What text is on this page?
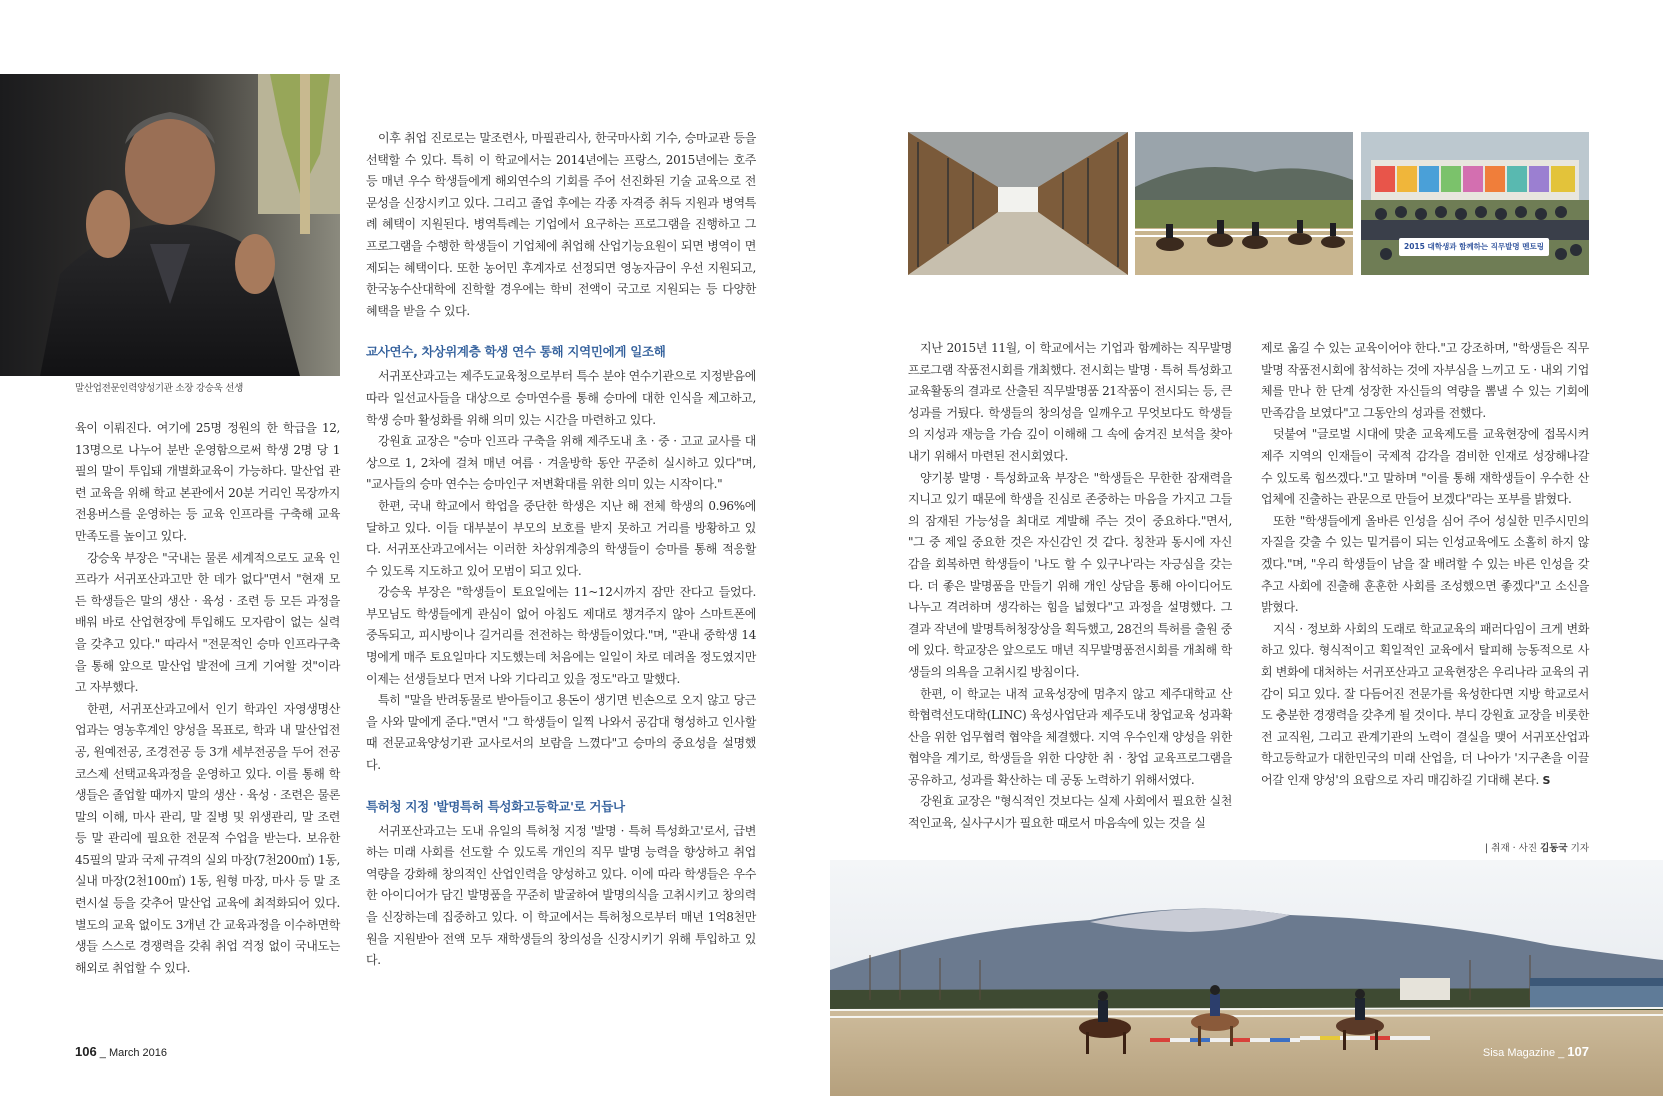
말산업전문인력양성기관 소장 강승욱 선생

육이 이뤄진다. 여기에 25명 정원의 한 학급을 12, 13명으로 나누어 분반 운영함으로써 학생 2명 당 1필의 말이 투입돼 개별화교육이 가능하다. 말산업 관련 교육을 위해 학교 본관에서 20분 거리인 목장까지 전용버스를 운영하는 등 교육 인프라를 구축해 교육 만족도를 높이고 있다.

강승욱 부장은 "국내는 물론 세계적으로도 교육 인프라가 서귀포산과고만 한 데가 없다"면서 "현재 모든 학생들은 말의 생산 · 육성 · 조련 등 모든 과정을 배워 바로 산업현장에 투입해도 모자람이 없는 실력을 갖추고 있다." 따라서 "전문적인 승마 인프라구축을 통해 앞으로 말산업 발전에 크게 기여할 것"이라고 자부했다.

한편, 서귀포산과고에서 인기 학과인 자영생명산업과는 영농후계인 양성을 목표로, 학과 내 말산업전공, 원예전공, 조경전공 등 3개 세부전공을 두어 전공 코스제 선택교육과정을 운영하고 있다. 이를 통해 학생들은 졸업할 때까지 말의 생산 · 육성 · 조련은 물론 말의 이해, 마사 관리, 말 질병 및 위생관리, 말 조련 등 말 관리에 필요한 전문적 수업을 받는다. 보유한 45필의 말과 국제 규격의 실외 마장(7천200㎡) 1동, 실내 마장(2천100㎡) 1동, 원형 마장, 마사 등 말 조련시설 등을 갖추어 말산업 교육에 최적화되어 있다. 별도의 교육 없이도 3개년 간 교육과정을 이수하면학생들 스스로 경쟁력을 갖춰 취업 걱정 없이 국내도는 해외로 취업할 수 있다.

이후 취업 진로로는 말조련사, 마필관리사, 한국마사회 기수, 승마교관 등을 선택할 수 있다. 특히 이 학교에서는 2014년에는 프랑스, 2015년에는 호주 등 매년 우수 학생들에게 해외연수의 기회를 주어 선진화된 기술 교육으로 전문성을 신장시키고 있다. 그리고 졸업 후에는 각종 자격증 취득 지원과 병역특례 혜택이 지원된다. 병역특례는 기업에서 요구하는 프로그램을 진행하고 그 프로그램을 수행한 학생들이 기업체에 취업해 산업기능요원이 되면 병역이 면제되는 혜택이다. 또한 농어민 후계자로 선정되면 영농자금이 우선 지원되고, 한국농수산대학에 진학할 경우에는 학비 전액이 국고로 지원되는 등 다양한 혜택을 받을 수 있다.

교사연수, 차상위계층 학생 연수 통해 지역민에게 일조해

서귀포산과고는 제주도교육청으로부터 특수 분야 연수기관으로 지정받음에 따라 일선교사들을 대상으로 승마연수를 통해 승마에 대한 인식을 제고하고, 학생 승마 활성화를 위해 의미 있는 시간을 마련하고 있다.

강원효 교장은 "승마 인프라 구축을 위해 제주도내 초 · 중 · 고교 교사를 대상으로 1, 2차에 걸쳐 매년 여름 · 겨울방학 동안 꾸준히 실시하고 있다"며, "교사들의 승마 연수는 승마인구 저변확대를 위한 의미 있는 시작이다."

한편, 국내 학교에서 학업을 중단한 학생은 지난 해 전체 학생의 0.96%에 달하고 있다. 이들 대부분이 부모의 보호를 받지 못하고 거리를 방황하고 있다. 서귀포산과고에서는 이러한 차상위계층의 학생들이 승마를 통해 적응할 수 있도록 지도하고 있어 모범이 되고 있다.

강승욱 부장은 "학생들이 토요일에는 11~12시까지 잠만 잔다고 들었다. 부모님도 학생들에게 관심이 없어 아침도 제대로 챙겨주지 않아 스마트폰에 중독되고, 피시방이나 길거리를 전전하는 학생들이었다."며, "관내 중학생 14명에게 매주 토요일마다 지도했는데 처음에는 일일이 차로 데려올 정도였지만 이제는 선생들보다 먼저 나와 기다리고 있을 정도"라고 말했다.

특히 "말을 반려동물로 받아들이고 용돈이 생기면 빈손으로 오지 않고 당근을 사와 말에게 준다."면서 "그 학생들이 일찍 나와서 공감대 형성하고 인사할 때 전문교육양성기관 교사로서의 보람을 느꼈다"고 승마의 중요성을 설명했다.

특허청 지정 '발명특허 특성화고등학교'로 거듭나

서귀포산과고는 도내 유일의 특허청 지정 '발명 · 특허 특성화고'로서, 급변하는 미래 사회를 선도할 수 있도록 개인의 직무 발명 능력을 향상하고 취업 역량을 강화해 창의적인 산업인력을 양성하고 있다. 이에 따라 학생들은 우수한 아이디어가 담긴 발명품을 꾸준히 발굴하여 발명의식을 고취시키고 창의력을 신장하는데 집중하고 있다. 이 학교에서는 특허청으로부터 매년 1억8천만 원을 지원받아 전액 모두 재학생들의 창의성을 신장시키기 위해 투입하고 있다.

106 _ March 2016
2015 대학생과 함께하는 직무발명 멘토링

지난 2015년 11월, 이 학교에서는 기업과 함께하는 직무발명 프로그램 작품전시회를 개최했다. 전시회는 발명 · 특허 특성화고 교육활동의 결과로 산출된 직무발명품 21작품이 전시되는 등, 큰 성과를 거뒀다. 학생들의 창의성을 일깨우고 무엇보다도 학생들의 지성과 재능을 가슴 깊이 이해해 그 속에 숨겨진 보석을 찾아내기 위해서 마련된 전시회였다.

양기봉 발명 · 특성화교육 부장은 "학생들은 무한한 잠재력을 지니고 있기 때문에 학생을 진심로 존중하는 마음을 가지고 그들의 잠재된 가능성을 최대로 계발해 주는 것이 중요하다."면서, "그 중 제일 중요한 것은 자신감인 것 같다. 칭찬과 동시에 자신감을 회복하면 학생들이 '나도 할 수 있구나'라는 자긍심을 갖는다. 더 좋은 발명품을 만들기 위해 개인 상담을 통해 아이디어도 나누고 격려하며 생각하는 힘을 넓혔다"고 과정을 설명했다. 그 결과 작년에 발명특허청장상을 획득했고, 28건의 특허를 출원 중에 있다. 학교장은 앞으로도 매년 직무발명품전시회를 개최해 학생들의 의욕을 고취시킬 방침이다.

한편, 이 학교는 내적 교육성장에 멈추지 않고 제주대학교 산학협력선도대학(LINC) 육성사업단과 제주도내 창업교육 성과확산을 위한 업무협력 협약을 체결했다. 지역 우수인재 양성을 위한 협약을 계기로, 학생들을 위한 다양한 취 · 창업 교육프로그램을 공유하고, 성과를 확산하는 데 공동 노력하기 위해서였다.

강원효 교장은 "형식적인 것보다는 실제 사회에서 필요한 실천적인교육, 실사구시가 필요한 때로서 마음속에 있는 것을 실

제로 옮길 수 있는 교육이어야 한다."고 강조하며, "학생들은 직무발명 작품전시회에 참석하는 것에 자부심을 느끼고 도 · 내외 기업체를 만나 한 단계 성장한 자신들의 역량을 뽐낼 수 있는 기회에 만족감을 보였다"고 그동안의 성과를 전했다.

덧붙여 "글로벌 시대에 맞춘 교육제도를 교육현장에 접목시켜 제주 지역의 인재들이 국제적 감각을 겸비한 인재로 성장해나갈 수 있도록 힘쓰겠다."고 말하며 "이를 통해 재학생들이 우수한 산업체에 진출하는 관문으로 만들어 보겠다"라는 포부를 밝혔다.

또한 "학생들에게 올바른 인성을 심어 주어 성실한 민주시민의 자질을 갖출 수 있는 밑거름이 되는 인성교육에도 소홀히 하지 않겠다."며, "우리 학생들이 남을 잘 배려할 수 있는 바른 인성을 갖추고 사회에 진출해 훈훈한 사회를 조성했으면 좋겠다"고 소신을 밝혔다.

지식 · 정보화 사회의 도래로 학교교육의 패러다임이 크게 변화하고 있다. 형식적이고 획일적인 교육에서 탈피해 능동적으로 사회 변화에 대처하는 서귀포산과고 교육현장은 우리나라 교육의 귀감이 되고 있다. 잘 다듬어진 전문가를 육성한다면 지방 학교로서도 충분한 경쟁력을 갖추게 될 것이다. 부디 강원효 교장을 비롯한 전 교직원, 그리고 관계기관의 노력이 결실을 맺어 서귀포산업과학고등학교가 대한민국의 미래 산업을, 더 나아가 '지구촌을 이끌어갈 인재 양성'의 요람으로 자리 매김하길 기대해 본다. S

| 취재 · 사진 김동국 기자
Sisa Magazine _ 107
